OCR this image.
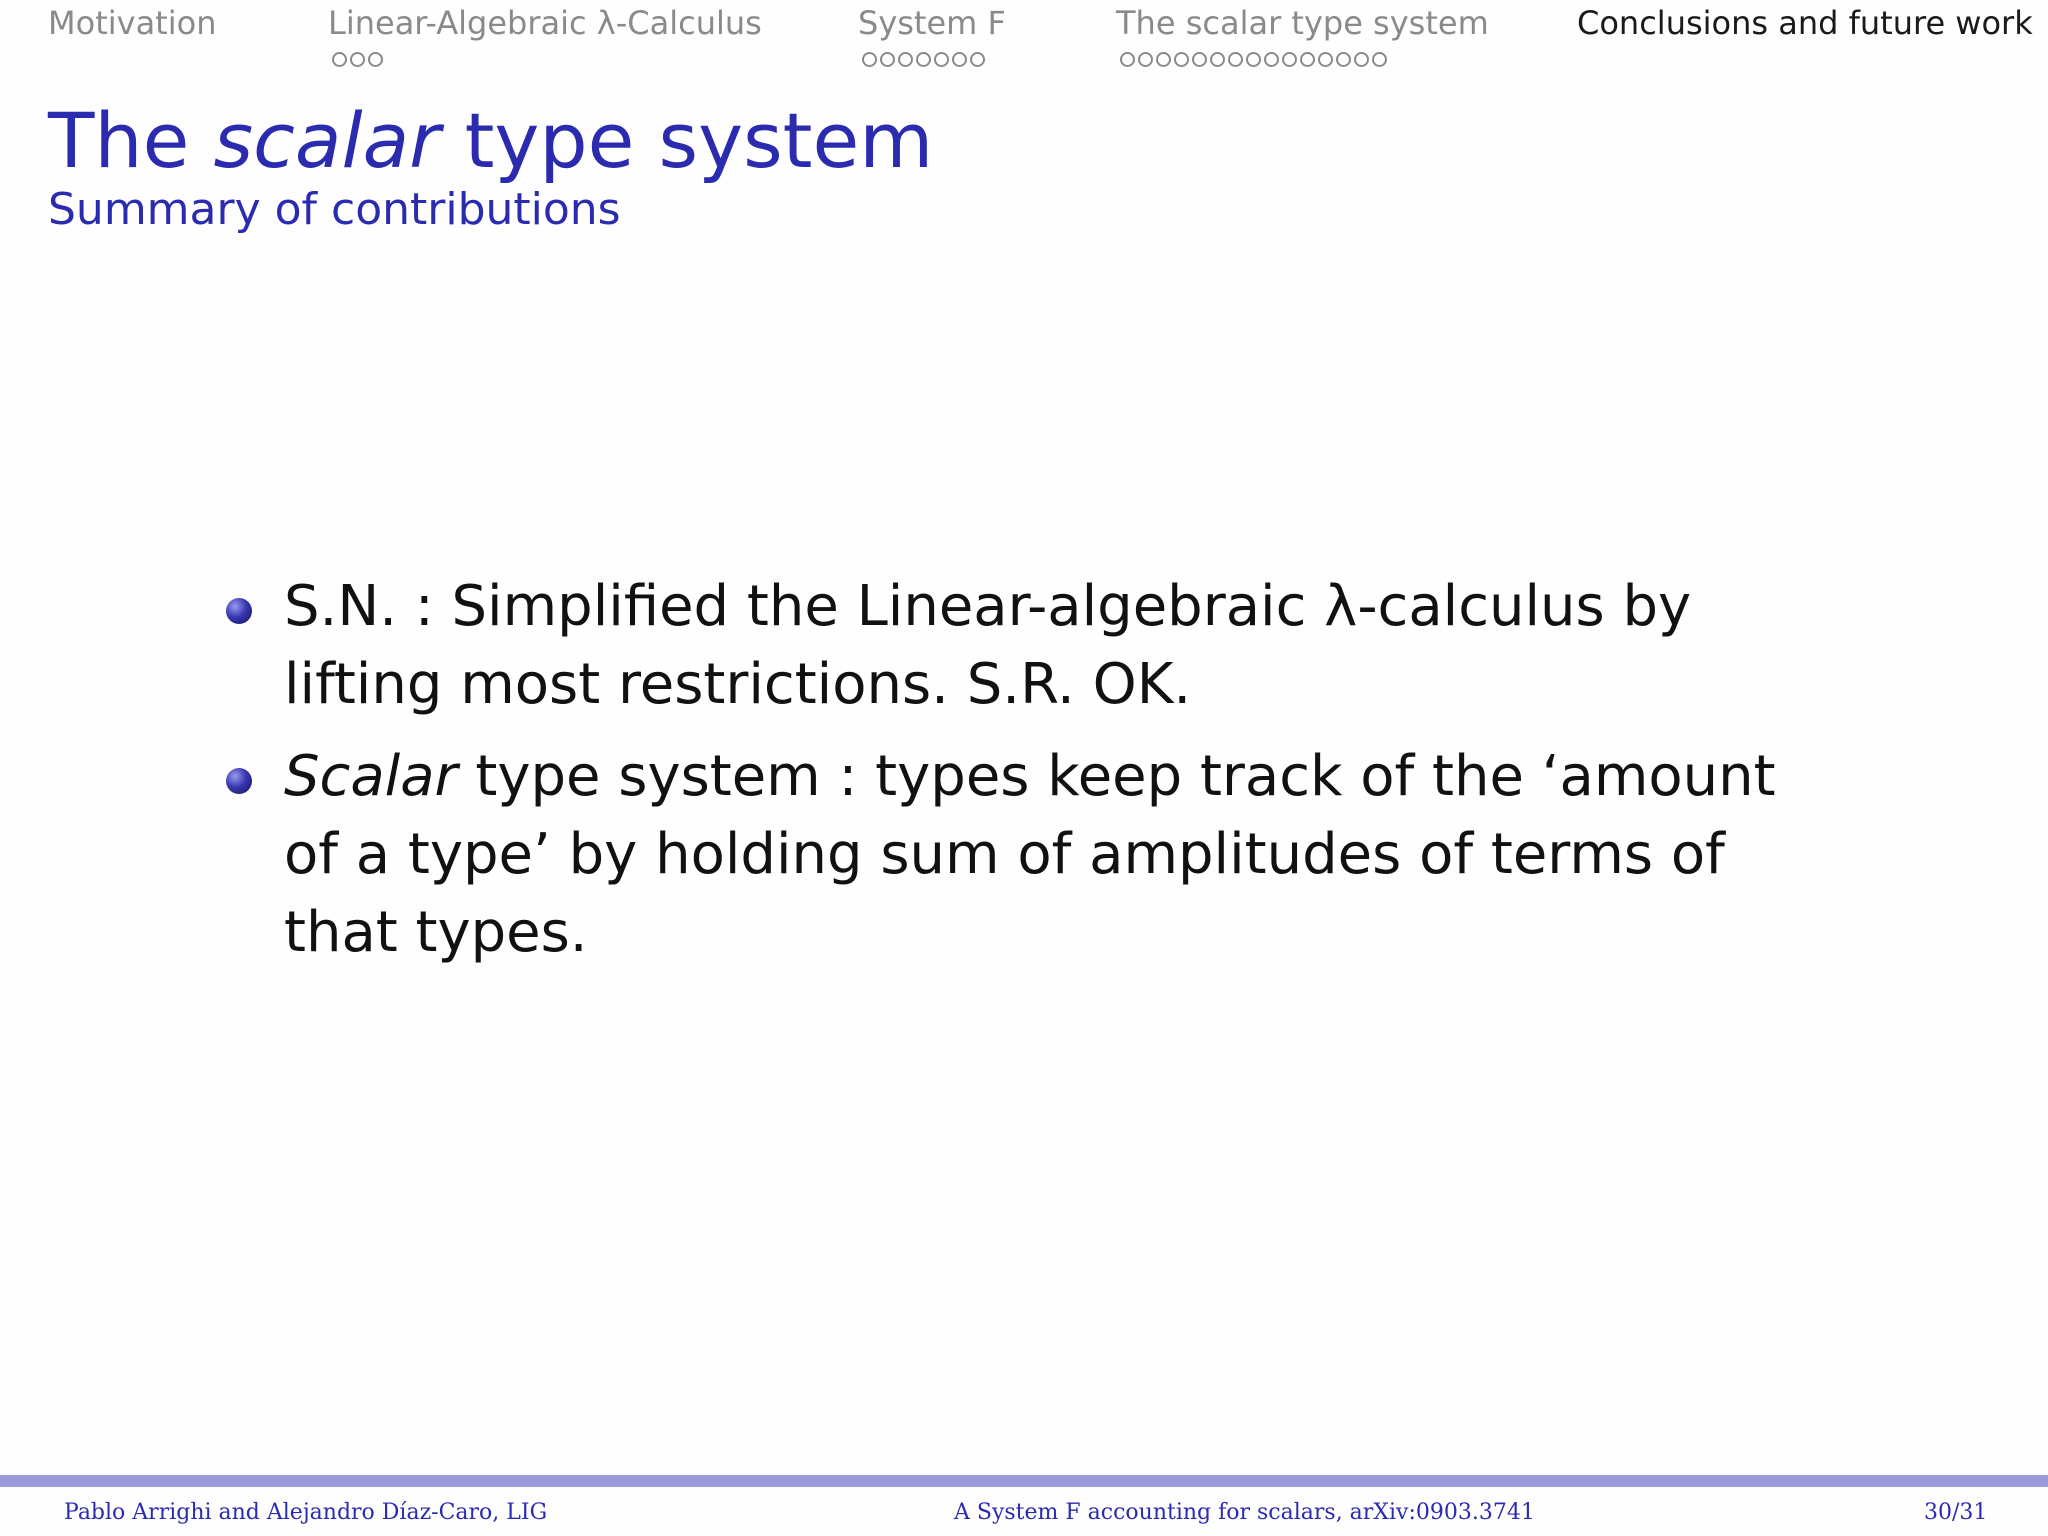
Motivation	Linear-Algebraic λ-Calculus	System F	The scalar type system	Conclusions and future work
The scalar type system
Summary of contributions
S.N. : Simplified the Linear-algebraic λ-calculus by lifting most restrictions. S.R. OK.
Scalar type system : types keep track of the ‘amount of a type’ by holding sum of amplitudes of terms of that types.
Pablo Arrighi and Alejandro Díaz-Caro, LIG	A System F accounting for scalars, arXiv:0903.3741	30/31
